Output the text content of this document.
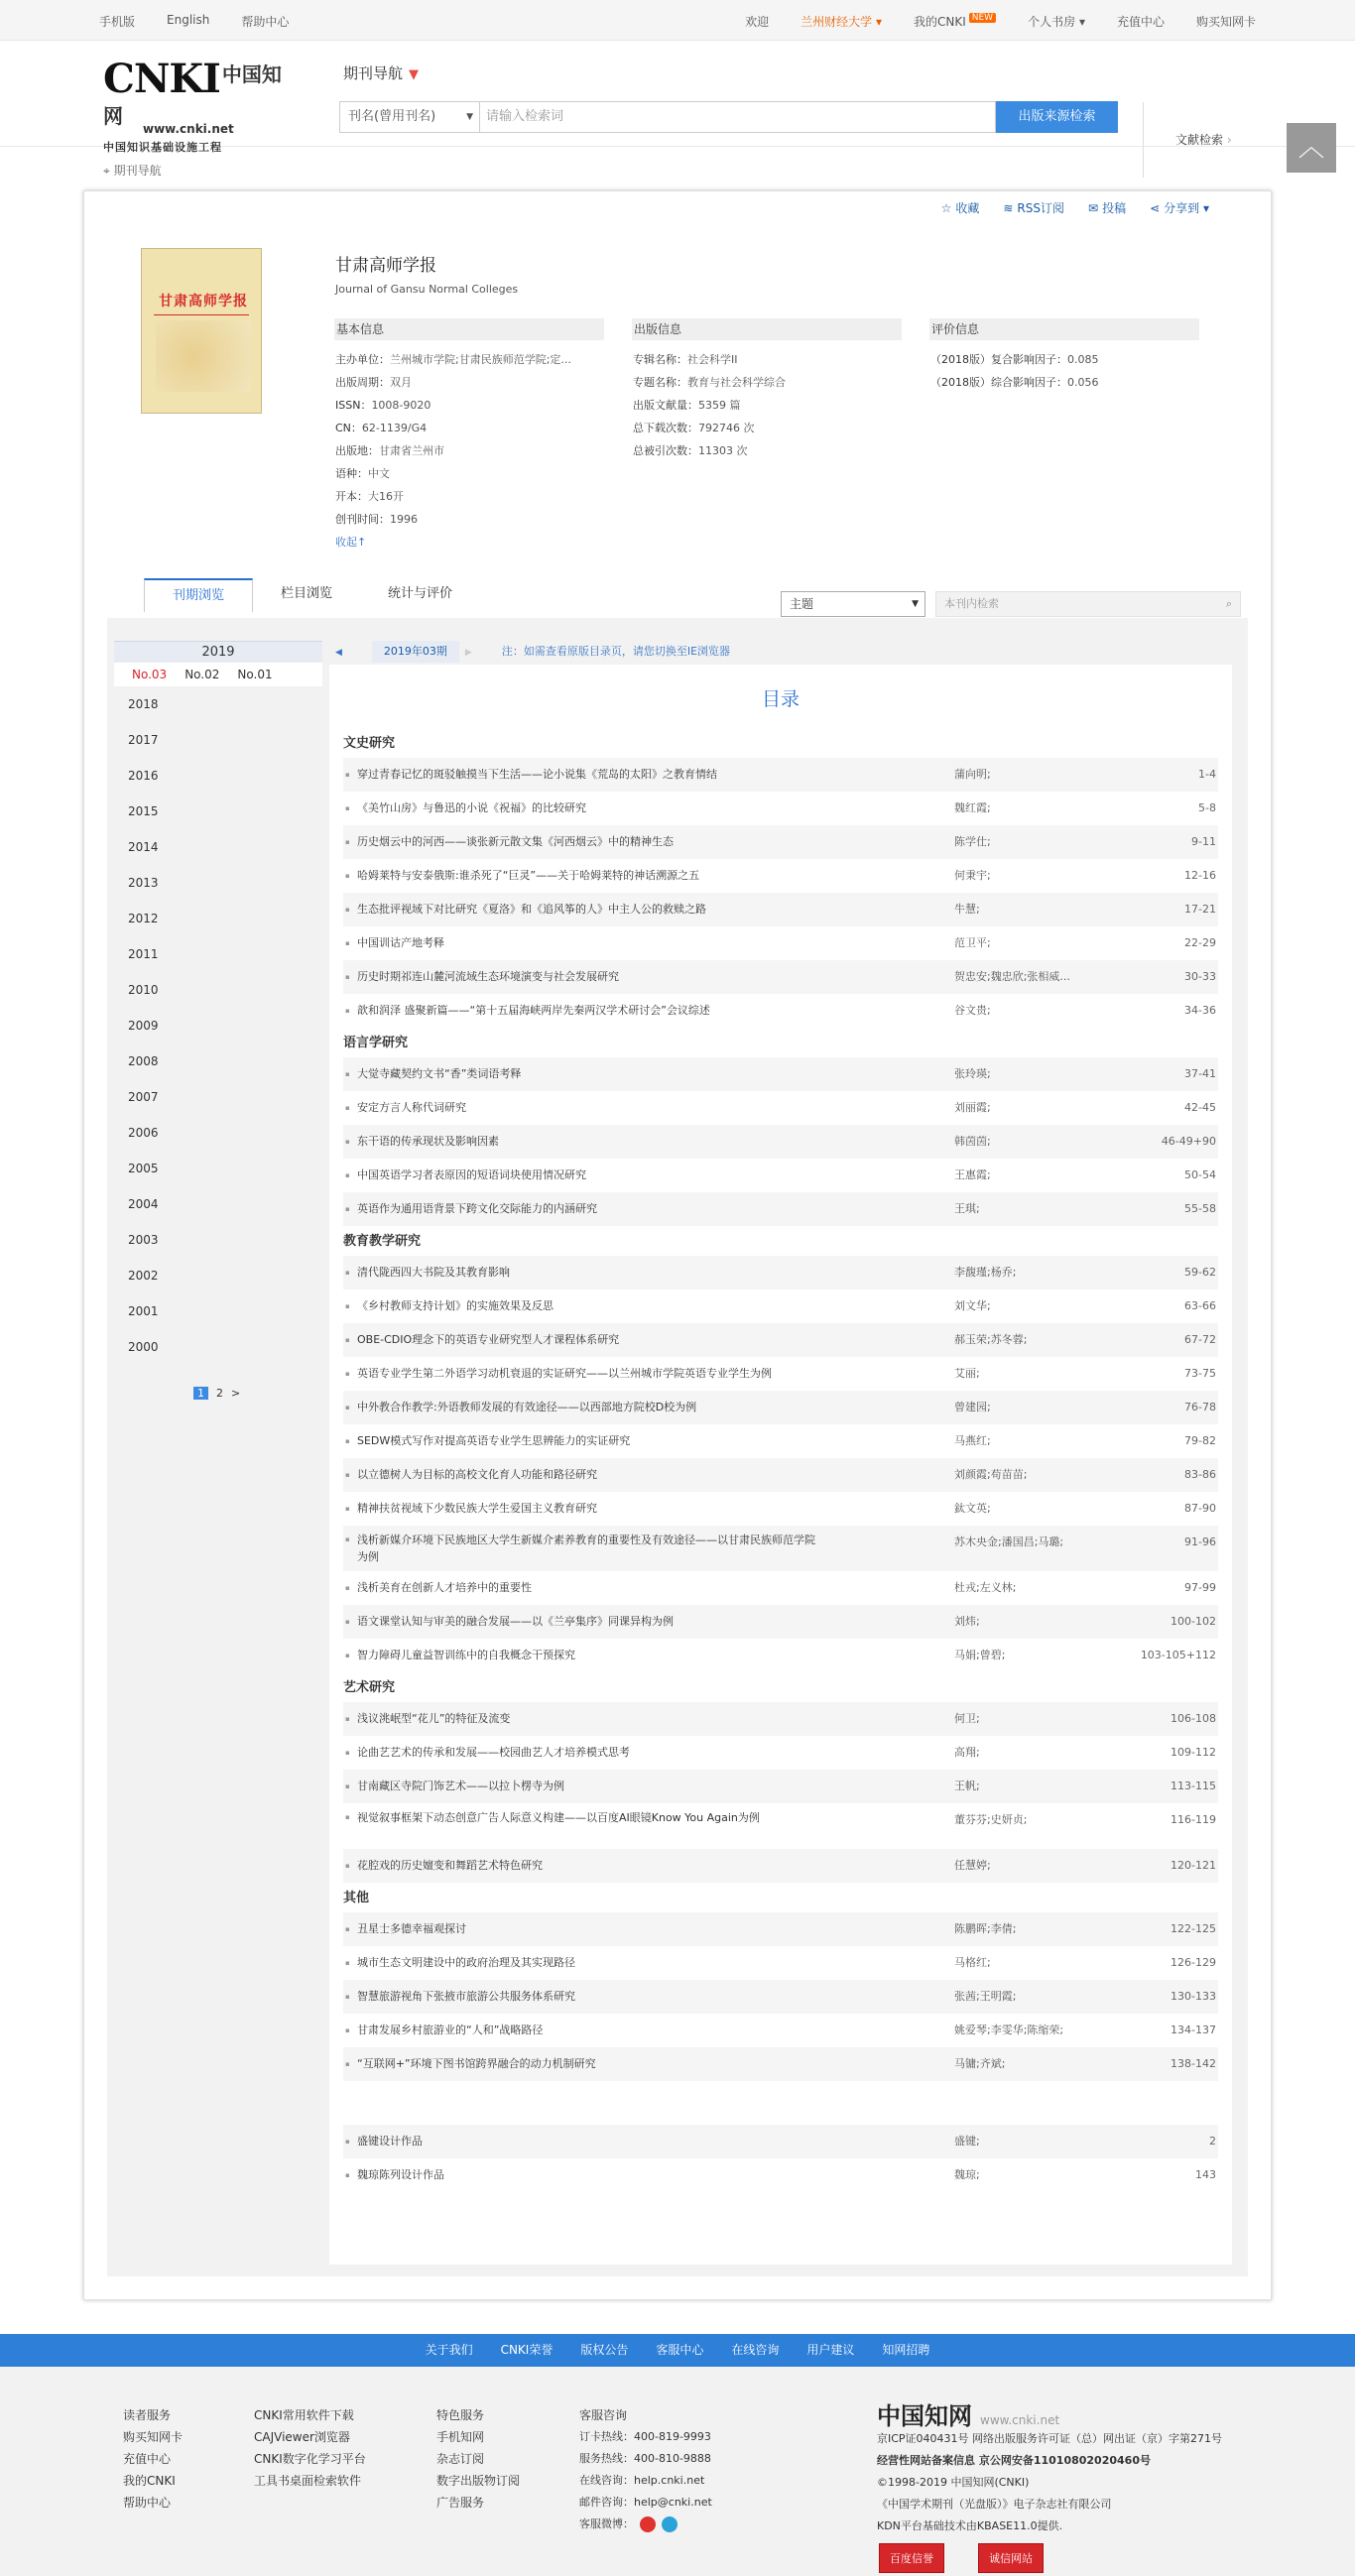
手机版	English	帮助中心	欢迎	兰州财经大学 ▾	我的CNKI NEW	个人书房 ▾	充值中心	购买知网卡
CNKI 中国知网
www.cnki.net
中国知识基础设施工程
期刊导航 ▼
文献检索 ›
刊名(曾用刊名)	▼	请输入检索词	出版来源检索
︿
⌖ 期刊导航
☆ 收藏 ≋ RSS订阅 ✉ 投稿 ⋖ 分享到 ▾
甘肃高师学报
甘肃高师学报
Journal of Gansu Normal Colleges
基本信息	出版信息	评价信息
主办单位：兰州城市学院;甘肃民族师范学院;定...
出版周期：双月
ISSN：1008-9020
CN：62-1139/G4
出版地：甘肃省兰州市
语种：中文
开本：大16开
创刊时间：1996
收起↑
专辑名称：社会科学II
专题名称：教育与社会科学综合
出版文献量：5359 篇
总下载次数：792746 次
总被引次数：11303 次
（2018版）复合影响因子：0.085
（2018版）综合影响因子：0.056
刊期浏览	栏目浏览	统计与评价
主题	▼	本刊内检索	⌕
2019
No.03 No.02 No.01
2018
2017
2016
2015
2014
2013
2012
2011
2010
2009
2008
2007
2006
2005
2004
2003
2002
2001
2000
1	2 >
◀	2019年03期 ▶	注：如需查看原版目录页，请您切换至IE浏览器
目录
文史研究
▪ 穿过青春记忆的斑驳触摸当下生活——论小说集《荒岛的太阳》之教育情结	蒲向明;	1-4
▪ 《美竹山房》与鲁迅的小说《祝福》的比较研究	魏红霞;	5-8
▪ 历史烟云中的河西——谈张新元散文集《河西烟云》中的精神生态	陈学仕;	9-11
▪ 哈姆莱特与安泰俄斯:谁杀死了“巨灵”——关于哈姆莱特的神话溯源之五	何秉宇;	12-16
▪ 生态批评视域下对比研究《夏洛》和《追风筝的人》中主人公的救赎之路	牛慧;	17-21
▪ 中国训诂产地考释	范卫平;	22-29
▪ 历史时期祁连山麓河流域生态环境演变与社会发展研究	贺忠安;魏忠欣;张相威...	30-33
▪ 歆和润泽 盛聚新篇——“第十五届海峡两岸先秦两汉学术研讨会”会议综述	谷文贵;	34-36
语言学研究
▪ 大觉寺藏契约文书“香”类词语考释	张玲瑛;	37-41
▪ 安定方言人称代词研究	刘丽霞;	42-45
▪ 东干语的传承现状及影响因素	韩茵茵;	46-49+90
▪ 中国英语学习者表原因的短语词块使用情况研究	王惠霞;	50-54
▪ 英语作为通用语背景下跨文化交际能力的内涵研究	王琪;	55-58
教育教学研究
▪ 清代陇西四大书院及其教育影响	李馥瑾;杨乔;	59-62
▪ 《乡村教师支持计划》的实施效果及反思	刘文华;	63-66
▪ OBE-CDIO理念下的英语专业研究型人才课程体系研究	郝玉荣;苏冬蓉;	67-72
▪ 英语专业学生第二外语学习动机衰退的实证研究——以兰州城市学院英语专业学生为例	艾丽;	73-75
▪ 中外教合作教学:外语教师发展的有效途径——以西部地方院校D校为例	曾建园;	76-78
▪ SEDW模式写作对提高英语专业学生思辨能力的实证研究	马燕红;	79-82
▪ 以立德树人为目标的高校文化育人功能和路径研究	刘颜霞;苟苗苗;	83-86
▪ 精神扶贫视域下少数民族大学生爱国主义教育研究	鈦文英;	87-90
▪ 浅析新媒介环境下民族地区大学生新媒介素养教育的重要性及有效途径——以甘肃民族师范学院为例
苏木央金;潘国昌;马璐;	91-96
▪ 浅析美育在创新人才培养中的重要性	杜戎;左义林;	97-99
▪ 语文课堂认知与审美的融合发展——以《兰亭集序》同课异构为例	刘炜;	100-102
▪ 智力障碍儿童益智训练中的自我概念干预探究	马娟;曾碧;	103-105+112
艺术研究
▪ 浅议洮岷型“花儿”的特征及流变	何卫;	106-108
▪ 论曲艺艺术的传承和发展——校园曲艺人才培养模式思考	高翔;	109-112
▪ 甘南藏区寺院门饰艺术——以拉卜楞寺为例	王帆;	113-115
▪ 视觉叙事框架下动态创意广告人际意义构建——以百度AI眼镜Know You Again为例	董芬芬;史妍贞;	116-119
▪ 花腔戏的历史嬗变和舞蹈艺术特色研究	任慧婷;	120-121
其他
▪ 丑星士多德幸福观探讨	陈鹏晖;李倩;	122-125
▪ 城市生态文明建设中的政府治理及其实现路径	马格红;	126-129
▪ 智慧旅游视角下张掖市旅游公共服务体系研究	张茜;王明霞;	130-133
▪ 甘肃发展乡村旅游业的“人和”战略路径	姚爱琴;李雯华;陈缩荣;	134-137
▪ “互联网+”环境下图书馆跨界融合的动力机制研究	马镛;齐斌;	138-142
▪ 盛键设计作品	盛键;	2
▪ 魏琼陈列设计作品	魏琼;	143
关于我们 CNKI荣誉 版权公告 客服中心 在线咨询 用户建议 知网招聘
读者服务
购买知网卡
充值中心
我的CNKI
帮助中心
CNKI常用软件下载
CAJViewer浏览器
CNKI数字化学习平台
工具书桌面检索软件
特色服务
手机知网
杂志订阅
数字出版物订阅
广告服务
客服咨询
订卡热线：400-819-9993
服务热线：400-810-9888
在线咨询：help.cnki.net
邮件咨询：help@cnki.net
客服微博：
中国知网 www.cnki.net
京ICP证040431号 网络出版服务许可证（总）网出证（京）字第271号
经营性网站备案信息 京公网安备11010802020460号
©1998-2019 中国知网(CNKI)
《中国学术期刊（光盘版）》电子杂志社有限公司
KDN平台基础技术由KBASE11.0提供.
百度信誉	诚信网站
